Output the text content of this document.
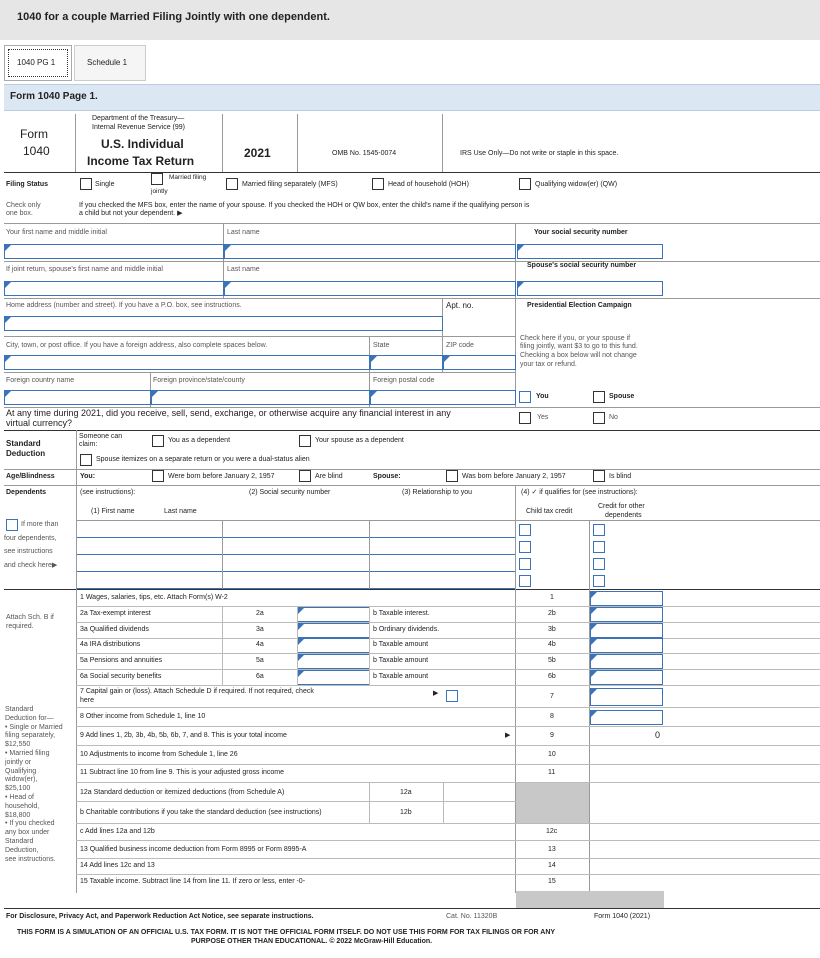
1040 for a couple Married Filing Jointly with one dependent.
1040 PG 1	Schedule 1
Form 1040 Page 1.
Form
1040
Department of the Treasury—
Internal Revenue Service (99)
U.S. Individual
Income Tax Return
2021	OMB No. 1545-0074	IRS Use Only—Do not write or staple in this space.
Filing Status	Single
Married filing
jointly
Married filing separately (MFS)	Head of household (HOH)	Qualifying widow(er) (QW)
Check only
one box.
If you checked the MFS box, enter the name of your spouse. If you checked the HOH or QW box, enter the child's name if the qualifying person is
a child but not your dependent. ▶
Your first name and middle initial	Last name	Your social security number
If joint return, spouse's first name and middle initial	Last name
Spouse's social security number
Home address (number and street). If you have a P.O. box, see instructions.	Apt. no.	Presidential Election Campaign
City, town, or post office. If you have a foreign address, also complete spaces below.	State	ZIP code
Check here if you, or your spouse if
filing jointly, want $3 to go to this fund.
Checking a box below will not change
your tax or refund.
Foreign country name	Foreign province/state/county	Foreign postal code
You	Spouse
At any time during 2021, did you receive, sell, send, exchange, or otherwise acquire any financial interest in any
virtual currency?
Yes	No
Standard
Deduction
Someone can
claim:
You as a dependent	Your spouse as a dependent
Spouse itemizes on a separate return or you were a dual-status alien
Age/Blindness	You:	Were born before January 2, 1957	Are blind	Spouse:	Was born before January 2, 1957	Is blind
Dependents	(see instructions):
(1) First name	Last name
(2) Social security number	(3) Relationship to you	(4) ✓ if qualifies for (see instructions):
Child tax credit
Credit for other
dependents
If more than
four dependents,
see instructions
and check here▶
Attach Sch. B if
required.
1 Wages, salaries, tips, etc. Attach Form(s) W-2	1
2a Tax-exempt interest	2a	b Taxable interest.	2b
3a Qualified dividends	3a	b Ordinary dividends.	3b
4a IRA distributions	4a	b Taxable amount	4b
5a Pensions and annuities	5a	b Taxable amount	5b
6a Social security benefits	6a	b Taxable amount	6b
7 Capital gain or (loss). Attach Schedule D if required. If not required, check
here
▶	7
Standard
Deduction for—
• Single or Married
filing separately,
$12,550
• Married filing
jointly or
Qualifying
widow(er),
$25,100
• Head of
household,
$18,800
• If you checked
any box under
Standard
Deduction,
see instructions.
8 Other income from Schedule 1, line 10	8
9 Add lines 1, 2b, 3b, 4b, 5b, 6b, 7, and 8. This is your total income	▶	9	0
10 Adjustments to income from Schedule 1, line 26	10
11 Subtract line 10 from line 9. This is your adjusted gross income	11
12a Standard deduction or itemized deductions (from Schedule A)	12a
b Charitable contributions if you take the standard deduction (see instructions)	12b
c Add lines 12a and 12b	12c
13 Qualified business income deduction from Form 8995 or Form 8995-A	13
14 Add lines 12c and 13	14
15 Taxable income. Subtract line 14 from line 11. If zero or less, enter -0-	15
For Disclosure, Privacy Act, and Paperwork Reduction Act Notice, see separate instructions.	Cat. No. 11320B	Form 1040 (2021)
THIS FORM IS A SIMULATION OF AN OFFICIAL U.S. TAX FORM. IT IS NOT THE OFFICIAL FORM ITSELF. DO NOT USE THIS FORM FOR TAX FILINGS OR FOR ANY
PURPOSE OTHER THAN EDUCATIONAL. © 2022 McGraw-Hill Education.
